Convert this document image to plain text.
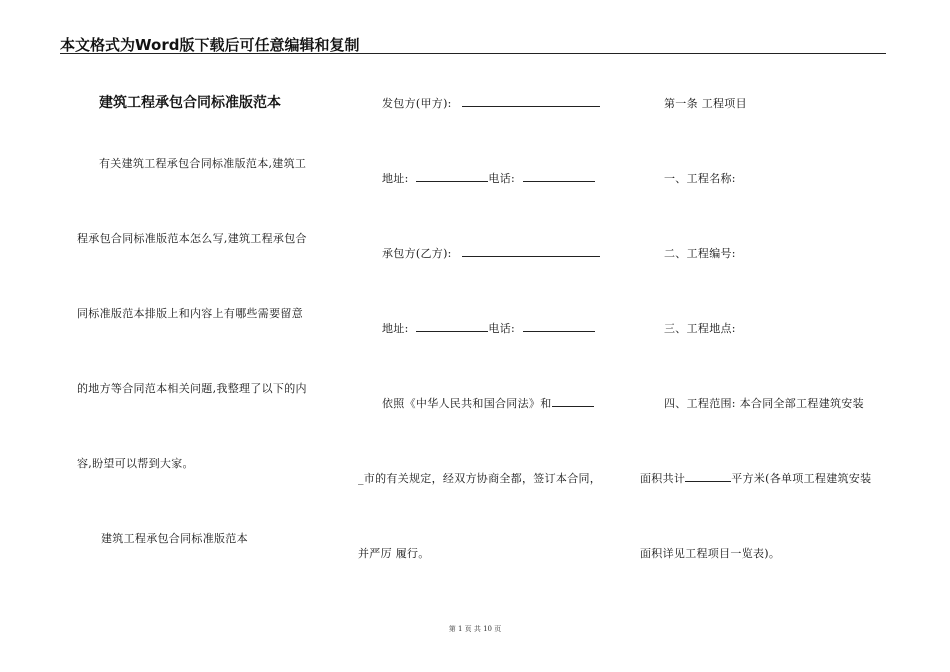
本文格式为Word版下载后可任意编辑和复制
建筑工程承包合同标准版范本
有关建筑工程承包合同标准版范本,建筑工
程承包合同标准版范本怎么写,建筑工程承包合
同标准版范本排版上和内容上有哪些需要留意
的地方等合同范本相关问题,我整理了以下的内
容,盼望可以帮到大家。
建筑工程承包合同标准版范本
发包方(甲方):
地址:	电话:
承包方(乙方):
地址:	电话:
依照《中华人民共和国合同法》和
_市的有关规定，经双方协商全都，签订本合同，
并严厉 履行。
第一条 工程项目
一、工程名称:
二、工程编号:
三、工程地点:
四、工程范围: 本合同全部工程建筑安装
面积共计	平方米(各单项工程建筑安装
面积详见工程项目一览表)。
第 1 页 共 10 页
